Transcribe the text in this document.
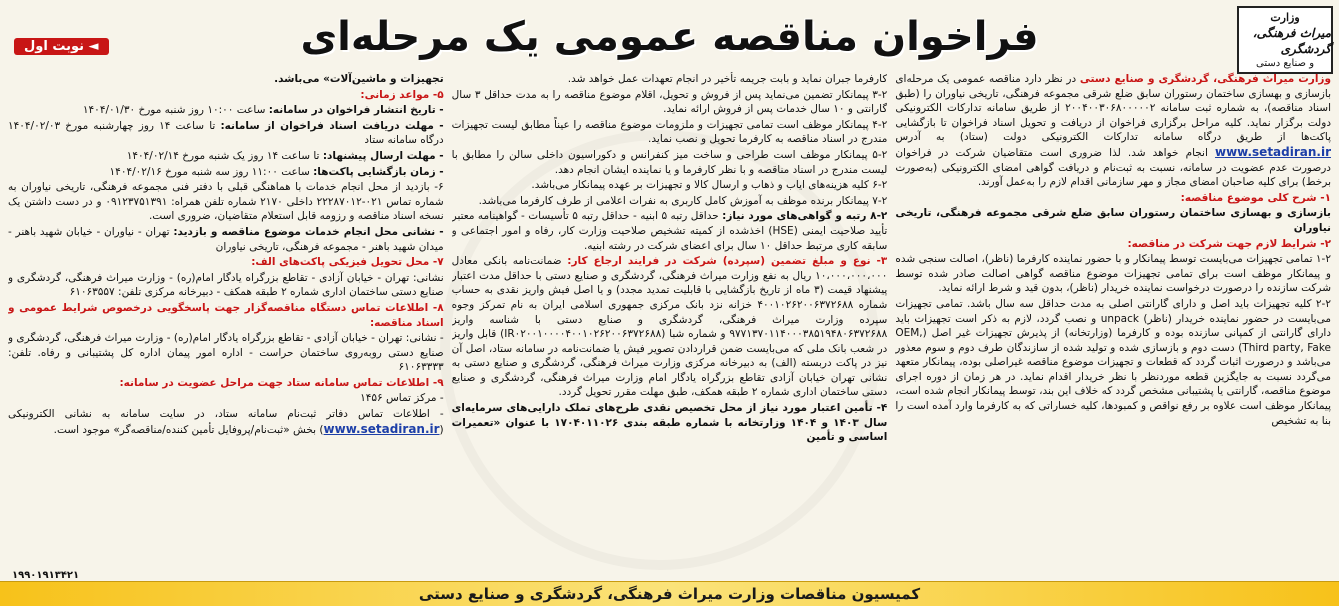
وزارت
میراث فرهنگی، گردشگری
و صنایع دستی
فراخوان مناقصه عمومی یک مرحله‌ای
◄ نوبت اول

وزارت میراث فرهنگی، گردشگری و صنایع دستی در نظر دارد مناقصه عمومی یک مرحله‌ای بازسازی و بهسازی ساختمان رستوران سابق ضلع شرقی مجموعه فرهنگی، تاریخی نیاوران را (طبق اسناد مناقصه)، به شماره ثبت سامانه ۲۰۰۴۰۰۳۰۶۸۰۰۰۰۰۲ از طریق سامانه تدارکات الکترونیکی دولت برگزار نماید. کلیه مراحل برگزاری فراخوان از دریافت و تحویل اسناد فراخوان تا بازگشایی پاکت‌ها از طریق درگاه سامانه تدارکات الکترونیکی دولت (ستاد) به آدرس www.setadiran.ir انجام خواهد شد. لذا ضروری است متقاضیان شرکت در فراخوان درصورت عدم عضویت در سامانه، نسبت به ثبت‌نام و دریافت گواهی امضای الکترونیکی (به‌صورت برخط) برای کلیه صاحبان امضای مجاز و مهر سازمانی اقدام لازم را به‌عمل آورند.

۱- شرح کلی موضوع مناقصه:

بازسازی و بهسازی ساختمان رستوران سابق ضلع شرقی مجموعه فرهنگی، تاریخی نیاوران

۲- شرایط لازم جهت شرکت در مناقصه:

۱-۲ تمامی تجهیزات می‌بایست توسط پیمانکار و با حضور نماینده کارفرما (ناظر)، اصالت سنجی شده و پیمانکار موظف است برای تمامی تجهیزات موضوع مناقصه گواهی اصالت صادر شده توسط شرکت سازنده را درصورت درخواست نماینده خریدار (ناظر)، بدون قید و شرط ارائه نماید.

۲-۲ کلیه تجهیزات باید اصل و دارای گارانتی اصلی به مدت حداقل سه سال باشد. تمامی تجهیزات می‌بایست در حضور نماینده خریدار (ناظر) unpack و نصب گردد، لازم به ذکر است تجهیزات باید دارای گارانتی از کمپانی سازنده بوده و کارفرما (وزارتخانه) از پذیرش تجهیزات غیر اصل (OEM, Third party, Fake) دست دوم و بازسازی شده و تولید شده از سازندگان طرف دوم و سوم معذور می‌باشد و درصورت اثبات گردد که قطعات و تجهیزات موضوع مناقصه غیراصلی بوده، پیمانکار متعهد می‌گردد نسبت به جایگزین قطعه موردنظر با نظر خریدار اقدام نماید. در هر زمان از دوره اجرای موضوع مناقصه، گارانتی یا پشتیبانی مشخص گردد که خلاف این بند، توسط پیمانکار انجام شده است، پیمانکار موظف است علاوه بر رفع نواقص و کمبودها، کلیه خساراتی که به کارفرما وارد آمده است را بنا به تشخیص

کارفرما جبران نماید و بابت جریمه تأخیر در انجام تعهدات عمل خواهد شد.

۳-۲ پیمانکار تضمین می‌نماید پس از فروش و تحویل، اقلام موضوع مناقصه را به مدت حداقل ۳ سال گارانتی و ۱۰ سال خدمات پس از فروش ارائه نماید.

۴-۲ پیمانکار موظف است تمامی تجهیزات و ملزومات موضوع مناقصه را عیناً مطابق لیست تجهیزات مندرج در اسناد مناقصه به کارفرما تحویل و نصب نماید.

۵-۲ پیمانکار موظف است طراحی و ساخت میز کنفرانس و دکوراسیون داخلی سالن را مطابق با لیست مندرج در اسناد مناقصه و با نظر کارفرما و یا نماینده ایشان انجام دهد.

۶-۲ کلیه هزینه‌های ایاب و ذهاب و ارسال کالا و تجهیزات بر عهده پیمانکار می‌باشد.

۷-۲ پیمانکار برنده موظف به آموزش کامل کاربری به نفرات اعلامی از طرف کارفرما می‌باشد.

۸-۲ رتبه و گواهی‌های مورد نیاز: حداقل رتبه ۵ ابنیه - حداقل رتبه ۵ تأسیسات - گواهینامه معتبر تأیید صلاحیت ایمنی (HSE) اخذشده از کمیته تشخیص صلاحیت وزارت کار، رفاه و امور اجتماعی و سابقه کاری مرتبط حداقل ۱۰ سال برای اعضای شرکت در رشته ابنیه.

۳- نوع و مبلغ تضمین (سپرده) شرکت در فرایند ارجاع کار: ضمانت‌نامه بانکی معادل ۱۰،۰۰۰،۰۰۰،۰۰۰ ریال به نفع وزارت میراث فرهنگی، گردشگری و صنایع دستی با حداقل مدت اعتبار پیشنهاد قیمت (۳ ماه از تاریخ بازگشایی با قابلیت تمدید مجدد) و یا اصل فیش واریز نقدی به حساب شماره ۴۰۰۱۰۲۶۲۰۰۶۳۷۲۶۸۸ خزانه نزد بانک مرکزی جمهوری اسلامی ایران به نام تمرکز وجوه سپرده وزارت میراث فرهنگی، گردشگری و صنایع دستی با شناسه واریز ۹۷۷۱۳۷۰۱۱۴۰۰۰۳۸۵۱۹۴۸۰۶۳۷۲۶۸۸ و شماره شبا (IR۰۲۰۰۱۰۰۰۰۴۰۰۱۰۲۶۲۰۰۶۳۷۲۶۸۸) قابل واریز در شعب بانک ملی که می‌بایست ضمن قراردادن تصویر فیش یا ضمانت‌نامه در سامانه ستاد، اصل آن نیز در پاکت دربسته (الف) به دبیرخانه مرکزی وزارت میراث فرهنگی، گردشگری و صنایع دستی به نشانی تهران خیابان آزادی تقاطع بزرگراه یادگار امام وزارت میراث فرهنگی، گردشگری و صنایع دستی ساختمان اداری شماره ۲ طبقه همکف، طبق مهلت مقرر تحویل گردد.

۴- تأمین اعتبار مورد نیاز از محل تخصیص نقدی طرح‌های تملک دارایی‌های سرمایه‌ای سال ۱۴۰۳ و ۱۴۰۴ وزارتخانه با شماره طبقه بندی ۱۷۰۴۰۱۱۰۲۶ با عنوان «تعمیرات اساسی و تأمین

تجهیزات و ماشین‌آلات» می‌باشد.

۵- مواعد زمانی:

- تاریخ انتشار فراخوان در سامانه: ساعت ۱۰:۰۰ روز شنبه مورخ ۱۴۰۴/۰۱/۳۰

- مهلت دریافت اسناد فراخوان از سامانه: تا ساعت ۱۴ روز چهارشنبه مورخ ۱۴۰۴/۰۲/۰۳ درگاه سامانه ستاد

- مهلت ارسال پیشنهاد: تا ساعت ۱۴ روز یک شنبه مورخ ۱۴۰۴/۰۲/۱۴

- زمان بازگشایی پاکت‌ها: ساعت ۱۱:۰۰ روز سه شنبه مورخ ۱۴۰۴/۰۲/۱۶

۶- بازدید از محل انجام خدمات با هماهنگی قبلی با دفتر فنی مجموعه فرهنگی، تاریخی نیاوران به شماره تماس ۰۲۱-۲۲۲۸۷۰۱۲ داخلی ۲۱۷۰ شماره تلفن همراه: ۰۹۱۲۳۷۵۱۳۹۱ و در دست داشتن یک نسخه اسناد مناقصه و رزومه قابل استعلام متقاضیان، ضروری است.

- نشانی محل انجام خدمات موضوع مناقصه و بازدید: تهران - نیاوران - خیابان شهید باهنر - میدان شهید باهنر - مجموعه فرهنگی، تاریخی نیاوران

۷- محل تحویل فیزیکی پاکت‌های الف:

نشانی: تهران - خیابان آزادی - تقاطع بزرگراه یادگار امام(ره) - وزارت میراث فرهنگی، گردشگری و صنایع دستی ساختمان اداری شماره ۲ طبقه همکف - دبیرخانه مرکزی تلفن: ۶۱۰۶۳۵۵۷

۸- اطلاعات تماس دستگاه مناقصه‌گزار جهت پاسخگویی درخصوص شرایط عمومی و اسناد مناقصه:

- نشانی: تهران - خیابان آزادی - تقاطع بزرگراه یادگار امام(ره) - وزارت میراث فرهنگی، گردشگری و صنایع دستی روبه‌روی ساختمان حراست - اداره امور پیمان اداره کل پشتیبانی و رفاه. تلفن: ۶۱۰۶۳۳۳۳

۹- اطلاعات تماس سامانه ستاد جهت مراحل عضویت در سامانه:

- مرکز تماس ۱۴۵۶

- اطلاعات تماس دفاتر ثبت‌نام سامانه ستاد، در سایت سامانه به نشانی الکترونیکی (www.setadiran.ir) بخش «ثبت‌نام/پروفایل تأمین کننده/مناقصه‌گر» موجود است.

۱۹۹۰۱۹۱۳۴۲۱
کمیسیون مناقصات وزارت میراث فرهنگی، گردشگری و صنایع دستی
